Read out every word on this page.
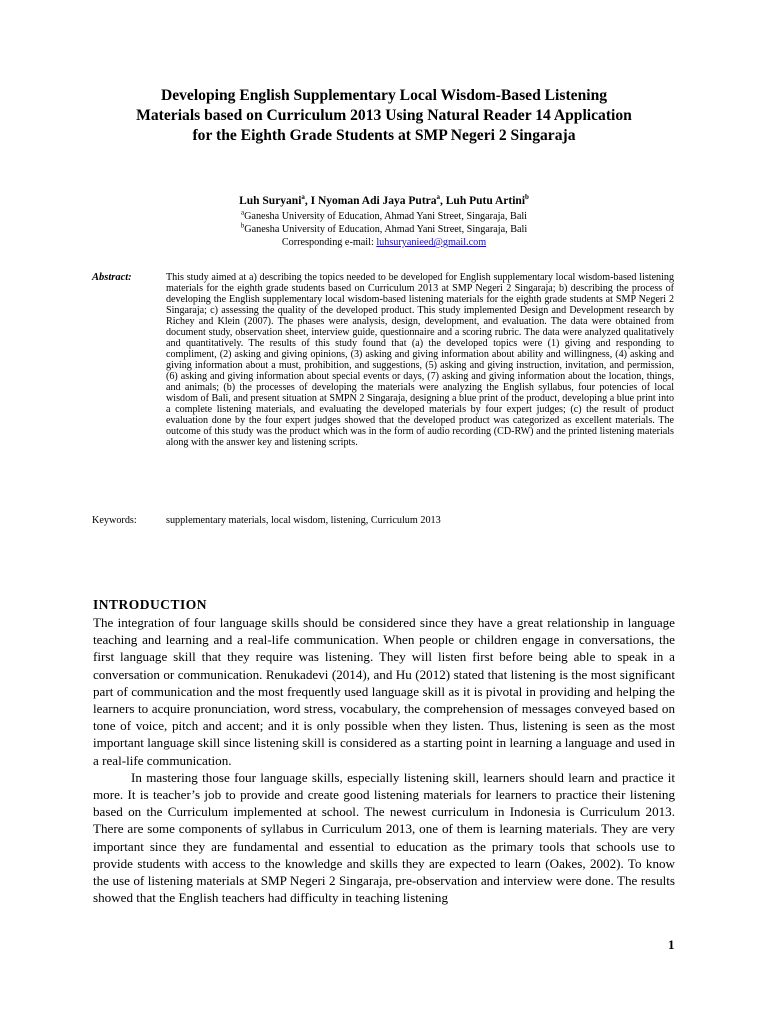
Developing English Supplementary Local Wisdom-Based Listening
Materials based on Curriculum 2013 Using Natural Reader 14 Application
for the Eighth Grade Students at SMP Negeri 2 Singaraja
Luh Suryani$^a$, I Nyoman Adi Jaya Putra$^a$, Luh Putu Artini$^b$
$^a$Ganesha University of Education, Ahmad Yani Street, Singaraja, Bali
$^b$Ganesha University of Education, Ahmad Yani Street, Singaraja, Bali
Corresponding e-mail: luhsuryanieed@gmail.com
Abstract:	This study aimed at a) describing the topics needed to be developed for English supplementary local wisdom-based listening materials for the eighth grade students based on Curriculum 2013 at SMP Negeri 2 Singaraja; b) describing the process of developing the English supplementary local wisdom-based listening materials for the eighth grade students at SMP Negeri 2 Singaraja; c) assessing the quality of the developed product. This study implemented Design and Development research by Richey and Klein (2007). The phases were analysis, design, development, and evaluation. The data were obtained from document study, observation sheet, interview guide, questionnaire and a scoring rubric. The data were analyzed qualitatively and quantitatively. The results of this study found that (a) the developed topics were (1) giving and responding to compliment, (2) asking and giving opinions, (3) asking and giving information about ability and willingness, (4) asking and giving information about a must, prohibition, and suggestions, (5) asking and giving instruction, invitation, and permission, (6) asking and giving information about special events or days, (7) asking and giving information about the location, things, and animals; (b) the processes of developing the materials were analyzing the English syllabus, four potencies of local wisdom of Bali, and present situation at SMPN 2 Singaraja, designing a blue print of the product, developing a blue print into a complete listening materials, and evaluating the developed materials by four expert judges; (c) the result of product evaluation done by the four expert judges showed that the developed product was categorized as excellent materials. The outcome of this study was the product which was in the form of audio recording (CD-RW) and the printed listening materials along with the answer key and listening scripts.
Keywords:	supplementary materials, local wisdom, listening, Curriculum 2013
INTRODUCTION

The integration of four language skills should be considered since they have a great relationship in language teaching and learning and a real-life communication. When people or children engage in conversations, the first language skill that they require was listening. They will listen first before being able to speak in a conversation or communication. Renukadevi (2014), and Hu (2012) stated that listening is the most significant part of communication and the most frequently used language skill as it is pivotal in providing and helping the learners to acquire pronunciation, word stress, vocabulary, the comprehension of messages conveyed based on tone of voice, pitch and accent; and it is only possible when they listen. Thus, listening is seen as the most important language skill since listening skill is considered as a starting point in learning a language and used in a real-life communication.

In mastering those four language skills, especially listening skill, learners should learn and practice it more. It is teacher’s job to provide and create good listening materials for learners to practice their listening based on the Curriculum implemented at school. The newest curriculum in Indonesia is Curriculum 2013. There are some components of syllabus in Curriculum 2013, one of them is learning materials. They are very important since they are fundamental and essential to education as the primary tools that schools use to provide students with access to the knowledge and skills they are expected to learn (Oakes, 2002). To know the use of listening materials at SMP Negeri 2 Singaraja, pre-observation and interview were done. The results showed that the English teachers had difficulty in teaching listening

1
